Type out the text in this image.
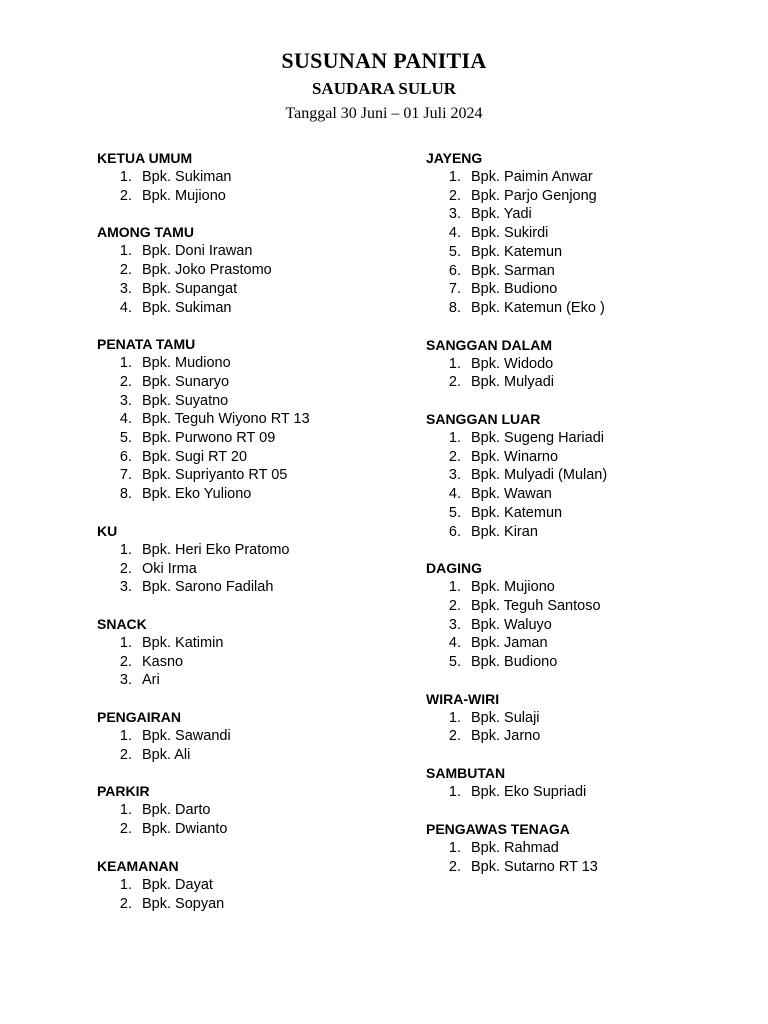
SUSUNAN PANITIA
SAUDARA SULUR
Tanggal 30 Juni – 01 Juli 2024
KETUA UMUM
1. Bpk. Sukiman
2. Bpk. Mujiono
AMONG TAMU
1. Bpk. Doni Irawan
2. Bpk. Joko Prastomo
3. Bpk. Supangat
4. Bpk. Sukiman
PENATA TAMU
1. Bpk. Mudiono
2. Bpk. Sunaryo
3. Bpk. Suyatno
4. Bpk. Teguh Wiyono RT 13
5. Bpk. Purwono RT 09
6. Bpk. Sugi RT 20
7. Bpk. Supriyanto RT 05
8. Bpk. Eko Yuliono
KU
1. Bpk. Heri Eko Pratomo
2. Oki Irma
3. Bpk. Sarono Fadilah
SNACK
1. Bpk. Katimin
2. Kasno
3. Ari
PENGAIRAN
1. Bpk. Sawandi
2. Bpk. Ali
PARKIR
1. Bpk. Darto
2. Bpk. Dwianto
KEAMANAN
1. Bpk. Dayat
2. Bpk. Sopyan
JAYENG
1. Bpk. Paimin Anwar
2. Bpk. Parjo Genjong
3. Bpk. Yadi
4. Bpk. Sukirdi
5. Bpk. Katemun
6. Bpk. Sarman
7. Bpk. Budiono
8. Bpk. Katemun (Eko )
SANGGAN DALAM
1. Bpk. Widodo
2. Bpk. Mulyadi
SANGGAN LUAR
1. Bpk. Sugeng Hariadi
2. Bpk. Winarno
3. Bpk. Mulyadi (Mulan)
4. Bpk. Wawan
5. Bpk. Katemun
6. Bpk. Kiran
DAGING
1. Bpk. Mujiono
2. Bpk. Teguh Santoso
3. Bpk. Waluyo
4. Bpk. Jaman
5. Bpk. Budiono
WIRA-WIRI
1. Bpk. Sulaji
2. Bpk. Jarno
SAMBUTAN
1. Bpk. Eko Supriadi
PENGAWAS TENAGA
1. Bpk. Rahmad
2. Bpk. Sutarno RT 13
